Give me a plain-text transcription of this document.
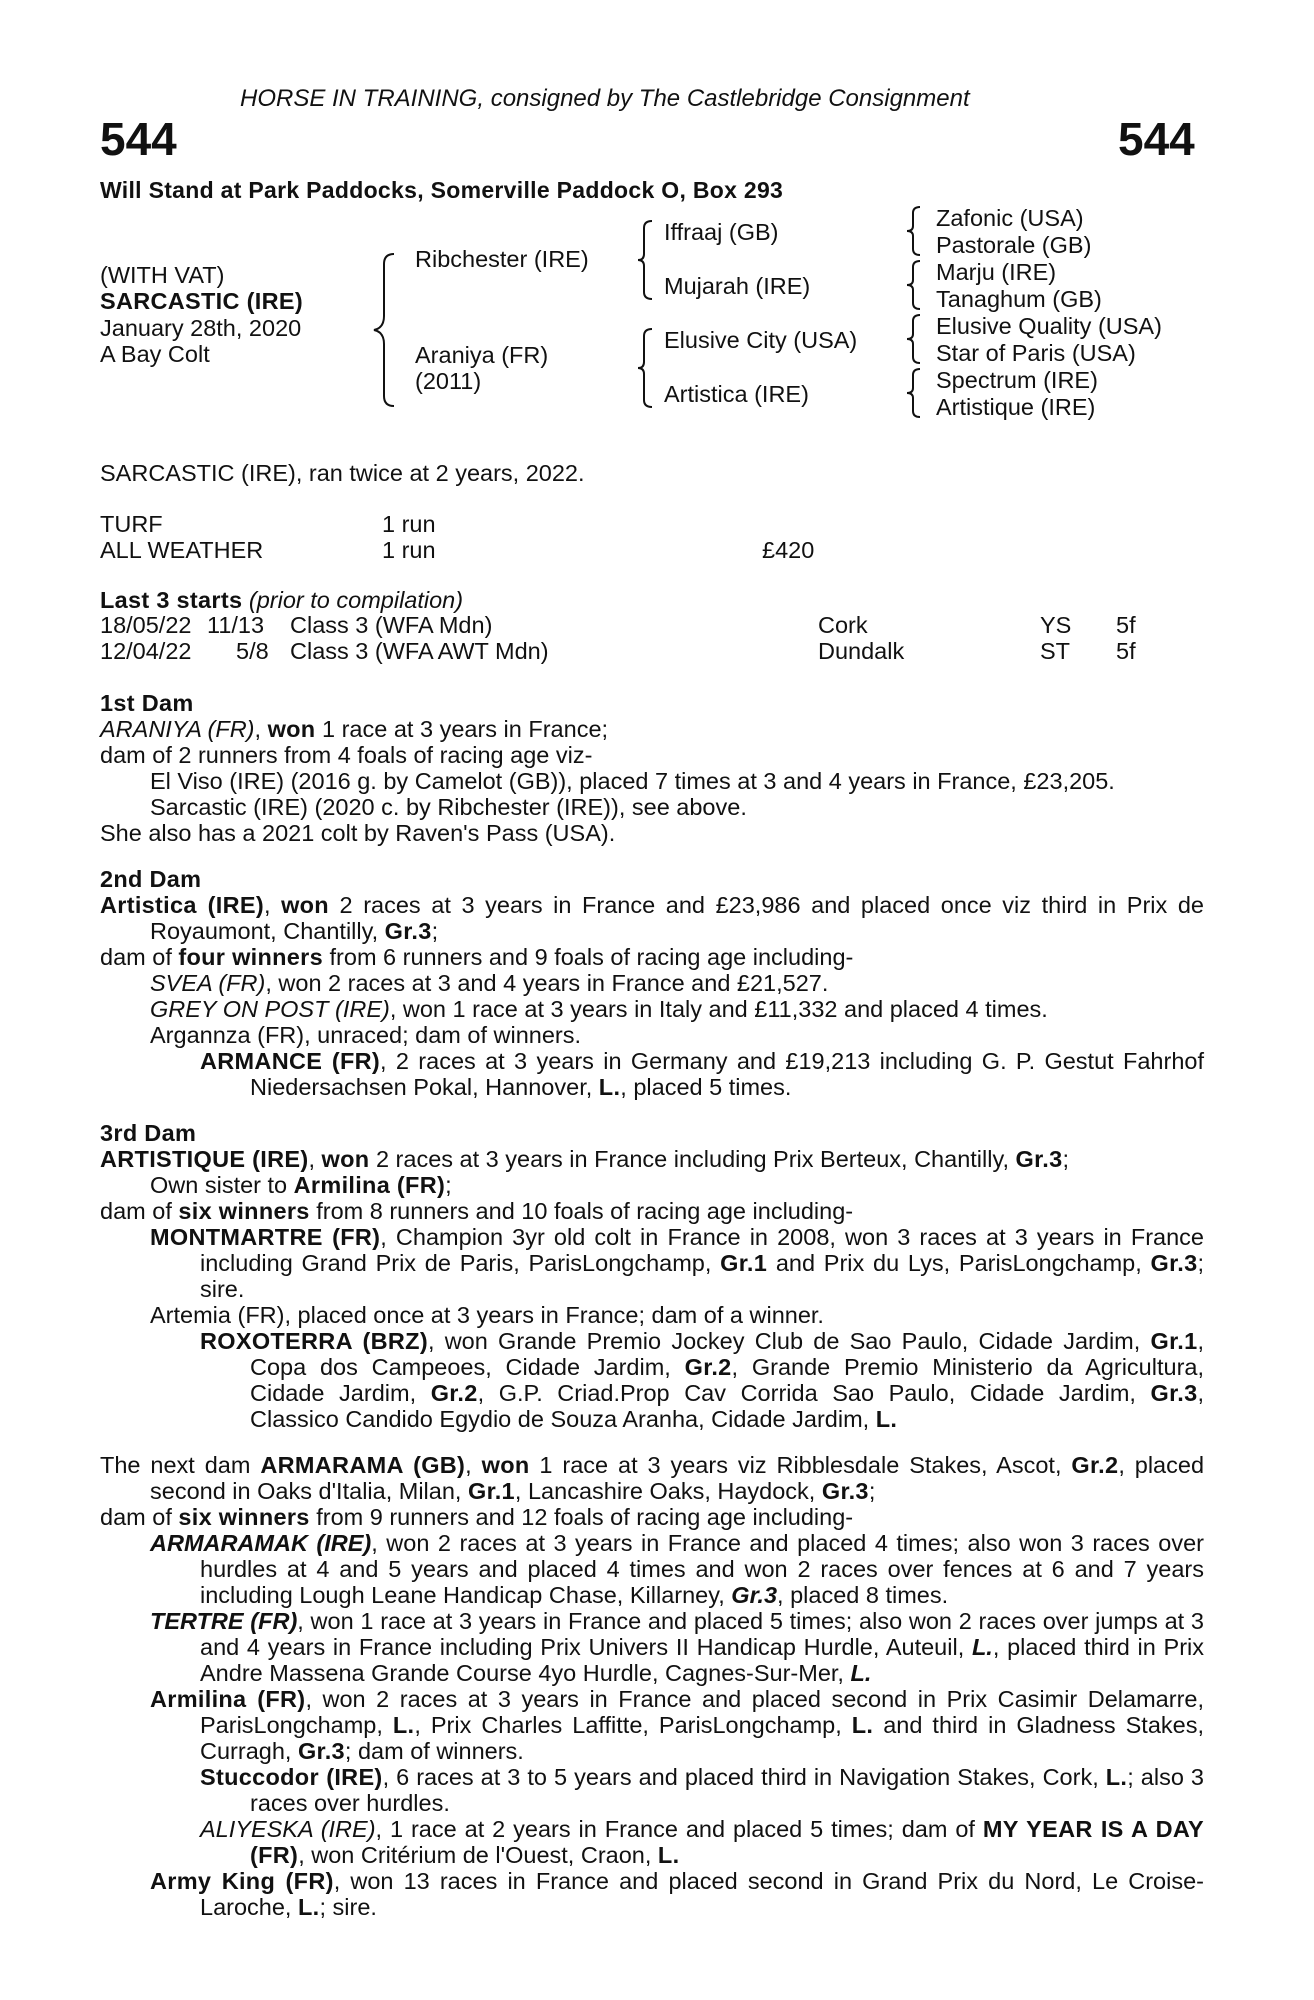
HORSE IN TRAINING, consigned by The Castlebridge Consignment
544	544
Will Stand at Park Paddocks, Somerville Paddock O, Box 293
(WITH VAT)
SARCASTIC (IRE)
January 28th, 2020
A Bay Colt
Ribchester (IRE)
Araniya (FR)
(2011)
Iffraaj (GB)
Mujarah (IRE)
Elusive City (USA)
Artistica (IRE)
Zafonic (USA)
Pastorale (GB)
Marju (IRE)
Tanaghum (GB)
Elusive Quality (USA)
Star of Paris (USA)
Spectrum (IRE)
Artistique (IRE)
SARCASTIC (IRE), ran twice at 2 years, 2022.
TURF	1 run
ALL WEATHER	1 run	£420
Last 3 starts (prior to compilation)
18/05/22 11/13 Class 3 (WFA Mdn)	Cork	YS 5f
12/04/22 5/8 Class 3 (WFA AWT Mdn)	Dundalk	ST 5f

1st Dam

ARANIYA (FR), won 1 race at 3 years in France;

dam of 2 runners from 4 foals of racing age viz-

El Viso (IRE) (2016 g. by Camelot (GB)), placed 7 times at 3 and 4 years in France, £23,205.

Sarcastic (IRE) (2020 c. by Ribchester (IRE)), see above.

She also has a 2021 colt by Raven's Pass (USA).

2nd Dam

Artistica (IRE), won 2 races at 3 years in France and £23,986 and placed once viz third in Prix de Royaumont, Chantilly, Gr.3;

dam of four winners from 6 runners and 9 foals of racing age including-

SVEA (FR), won 2 races at 3 and 4 years in France and £21,527.

GREY ON POST (IRE), won 1 race at 3 years in Italy and £11,332 and placed 4 times.

Argannza (FR), unraced; dam of winners.

ARMANCE (FR), 2 races at 3 years in Germany and £19,213 including G. P. Gestut Fahrhof Niedersachsen Pokal, Hannover, L., placed 5 times.

3rd Dam

ARTISTIQUE (IRE), won 2 races at 3 years in France including Prix Berteux, Chantilly, Gr.3;

Own sister to Armilina (FR);

dam of six winners from 8 runners and 10 foals of racing age including-

MONTMARTRE (FR), Champion 3yr old colt in France in 2008, won 3 races at 3 years in France including Grand Prix de Paris, ParisLongchamp, Gr.1 and Prix du Lys, ParisLongchamp, Gr.3; sire.

Artemia (FR), placed once at 3 years in France; dam of a winner.

ROXOTERRA (BRZ), won Grande Premio Jockey Club de Sao Paulo, Cidade Jardim, Gr.1, Copa dos Campeoes, Cidade Jardim, Gr.2, Grande Premio Ministerio da Agricultura, Cidade Jardim, Gr.2, G.P. Criad.Prop Cav Corrida Sao Paulo, Cidade Jardim, Gr.3, Classico Candido Egydio de Souza Aranha, Cidade Jardim, L.

The next dam ARMARAMA (GB), won 1 race at 3 years viz Ribblesdale Stakes, Ascot, Gr.2, placed second in Oaks d'Italia, Milan, Gr.1, Lancashire Oaks, Haydock, Gr.3;

dam of six winners from 9 runners and 12 foals of racing age including-

ARMARAMAK (IRE), won 2 races at 3 years in France and placed 4 times; also won 3 races over hurdles at 4 and 5 years and placed 4 times and won 2 races over fences at 6 and 7 years including Lough Leane Handicap Chase, Killarney, Gr.3, placed 8 times.

TERTRE (FR), won 1 race at 3 years in France and placed 5 times; also won 2 races over jumps at 3 and 4 years in France including Prix Univers II Handicap Hurdle, Auteuil, L., placed third in Prix Andre Massena Grande Course 4yo Hurdle, Cagnes-Sur-Mer, L.

Armilina (FR), won 2 races at 3 years in France and placed second in Prix Casimir Delamarre, ParisLongchamp, L., Prix Charles Laffitte, ParisLongchamp, L. and third in Gladness Stakes, Curragh, Gr.3; dam of winners.

Stuccodor (IRE), 6 races at 3 to 5 years and placed third in Navigation Stakes, Cork, L.; also 3 races over hurdles.

ALIYESKA (IRE), 1 race at 2 years in France and placed 5 times; dam of MY YEAR IS A DAY (FR), won Critérium de l'Ouest, Craon, L.

Army King (FR), won 13 races in France and placed second in Grand Prix du Nord, Le Croise-Laroche, L.; sire.
